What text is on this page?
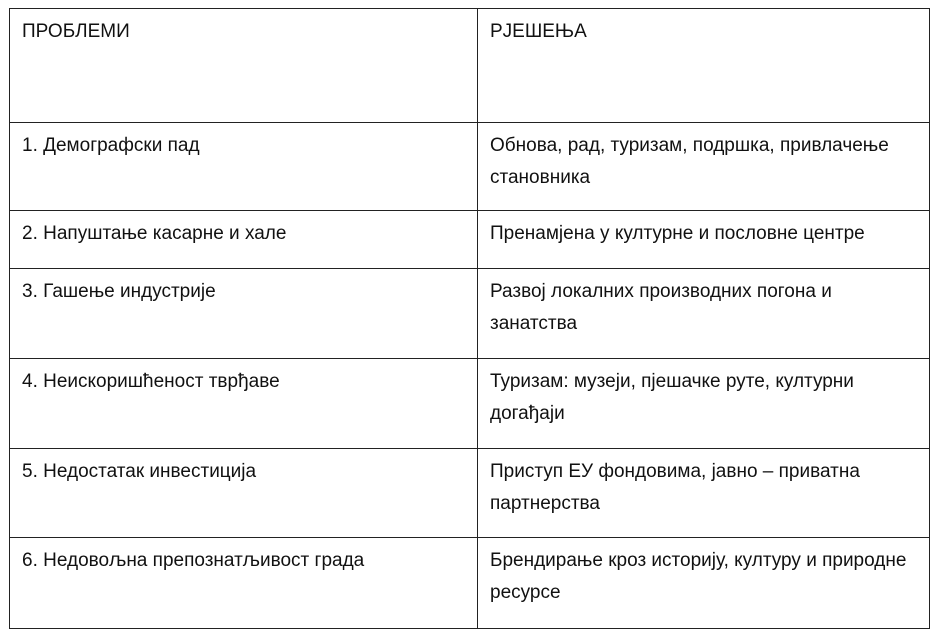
ПРОБЛЕМИ	РЈЕШЕЊА
1. Демографски пад	Обнова, рад, туризам, подршка, привлачење становника
2. Напуштање касарне и хале	Пренамјена у културне и пословне центре
3. Гашење индустрије	Развој локалних производних погона и занатства
4. Неискоришћеност тврђаве	Туризам: музеји, пјешачке руте, културни догађаји
5. Недостатак инвестиција	Приступ ЕУ фондовима, јавно – приватна партнерства
6. Недовољна препознатљивост града	Брендирање кроз историју, културу и природне ресурсе
